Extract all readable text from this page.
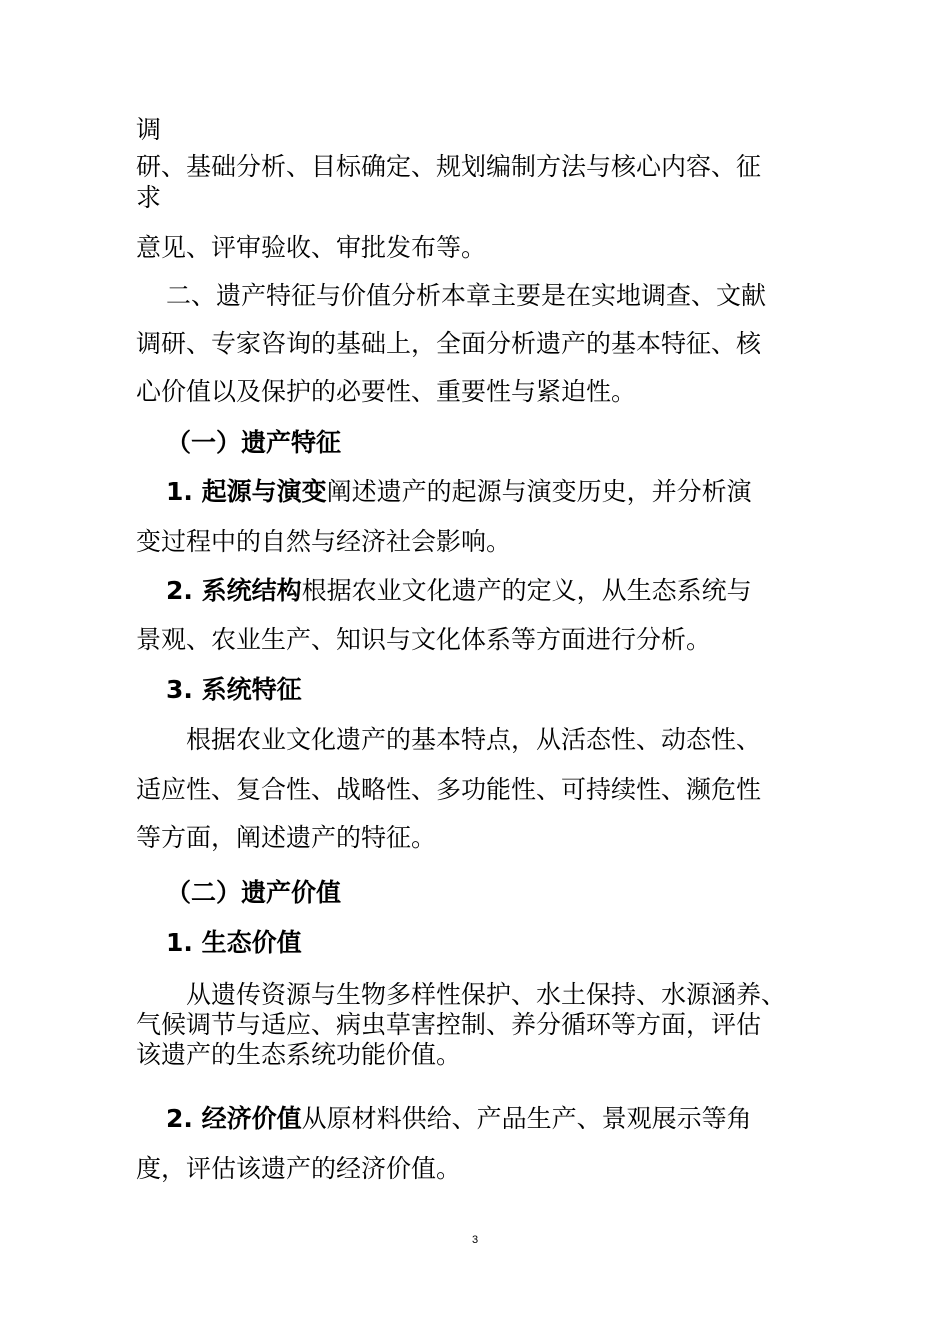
调
研、基础分析、目标确定、规划编制方法与核心内容、征
求
意见、评审验收、审批发布等。
二、遗产特征与价值分析本章主要是在实地调查、文献
调研、专家咨询的基础上，全面分析遗产的基本特征、核
心价值以及保护的必要性、重要性与紧迫性。
（一）遗产特征
1. 起源与演变阐述遗产的起源与演变历史，并分析演
变过程中的自然与经济社会影响。
2. 系统结构根据农业文化遗产的定义，从生态系统与
景观、农业生产、知识与文化体系等方面进行分析。
3. 系统特征
根据农业文化遗产的基本特点，从活态性、动态性、
适应性、复合性、战略性、多功能性、可持续性、濒危性
等方面，阐述遗产的特征。
（二）遗产价值
1. 生态价值
从遗传资源与生物多样性保护、水土保持、水源涵养、
气候调节与适应、病虫草害控制、养分循环等方面，评估
该遗产的生态系统功能价值。
2. 经济价值从原材料供给、产品生产、景观展示等角
度，评估该遗产的经济价值。
3
